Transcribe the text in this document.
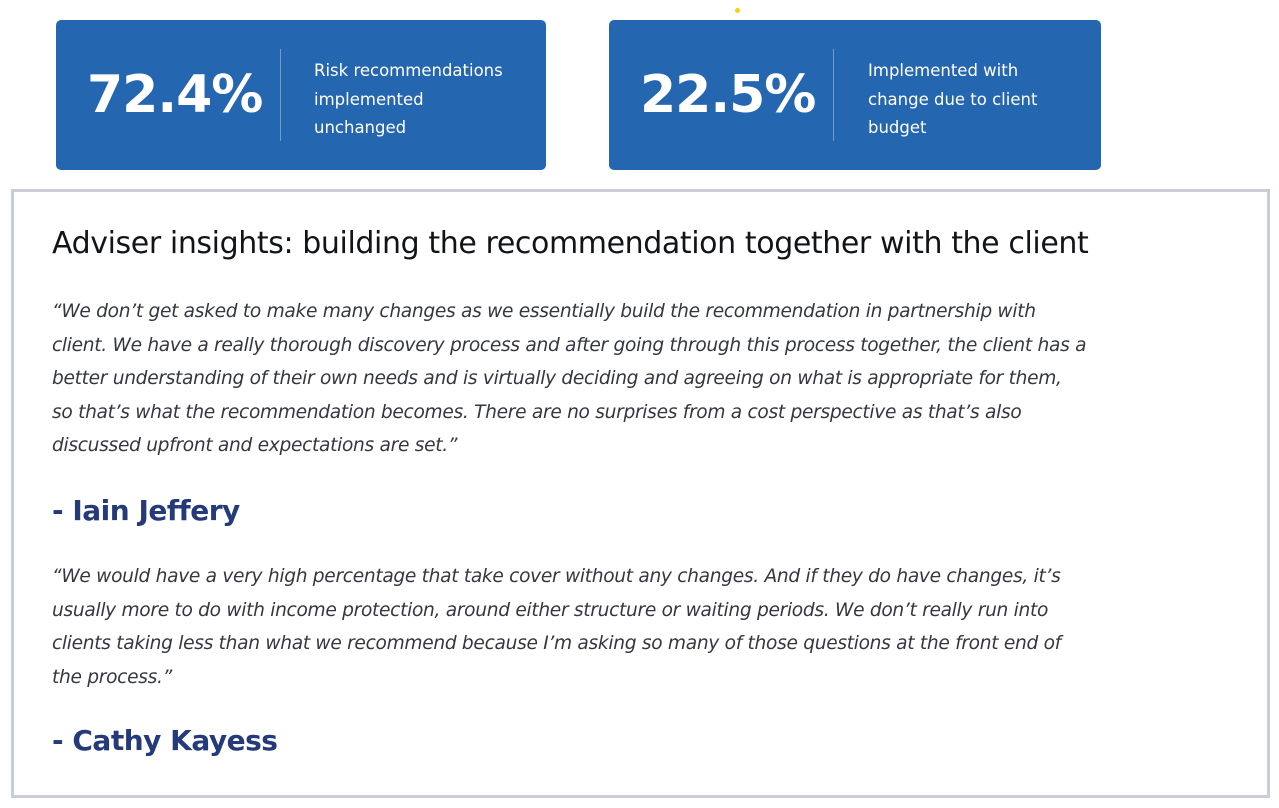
72.4%	Risk recommendations
implemented
unchanged
22.5%	Implemented with
change due to client
budget
Adviser insights: building the recommendation together with the client
“We don’t get asked to make many changes as we essentially build the recommendation in partnership with
client. We have a really thorough discovery process and after going through this process together, the client has a
better understanding of their own needs and is virtually deciding and agreeing on what is appropriate for them,
so that’s what the recommendation becomes. There are no surprises from a cost perspective as that’s also
discussed upfront and expectations are set.”
- Iain Jeffery
“We would have a very high percentage that take cover without any changes. And if they do have changes, it’s
usually more to do with income protection, around either structure or waiting periods. We don’t really run into
clients taking less than what we recommend because I’m asking so many of those questions at the front end of
the process.”
- Cathy Kayess
